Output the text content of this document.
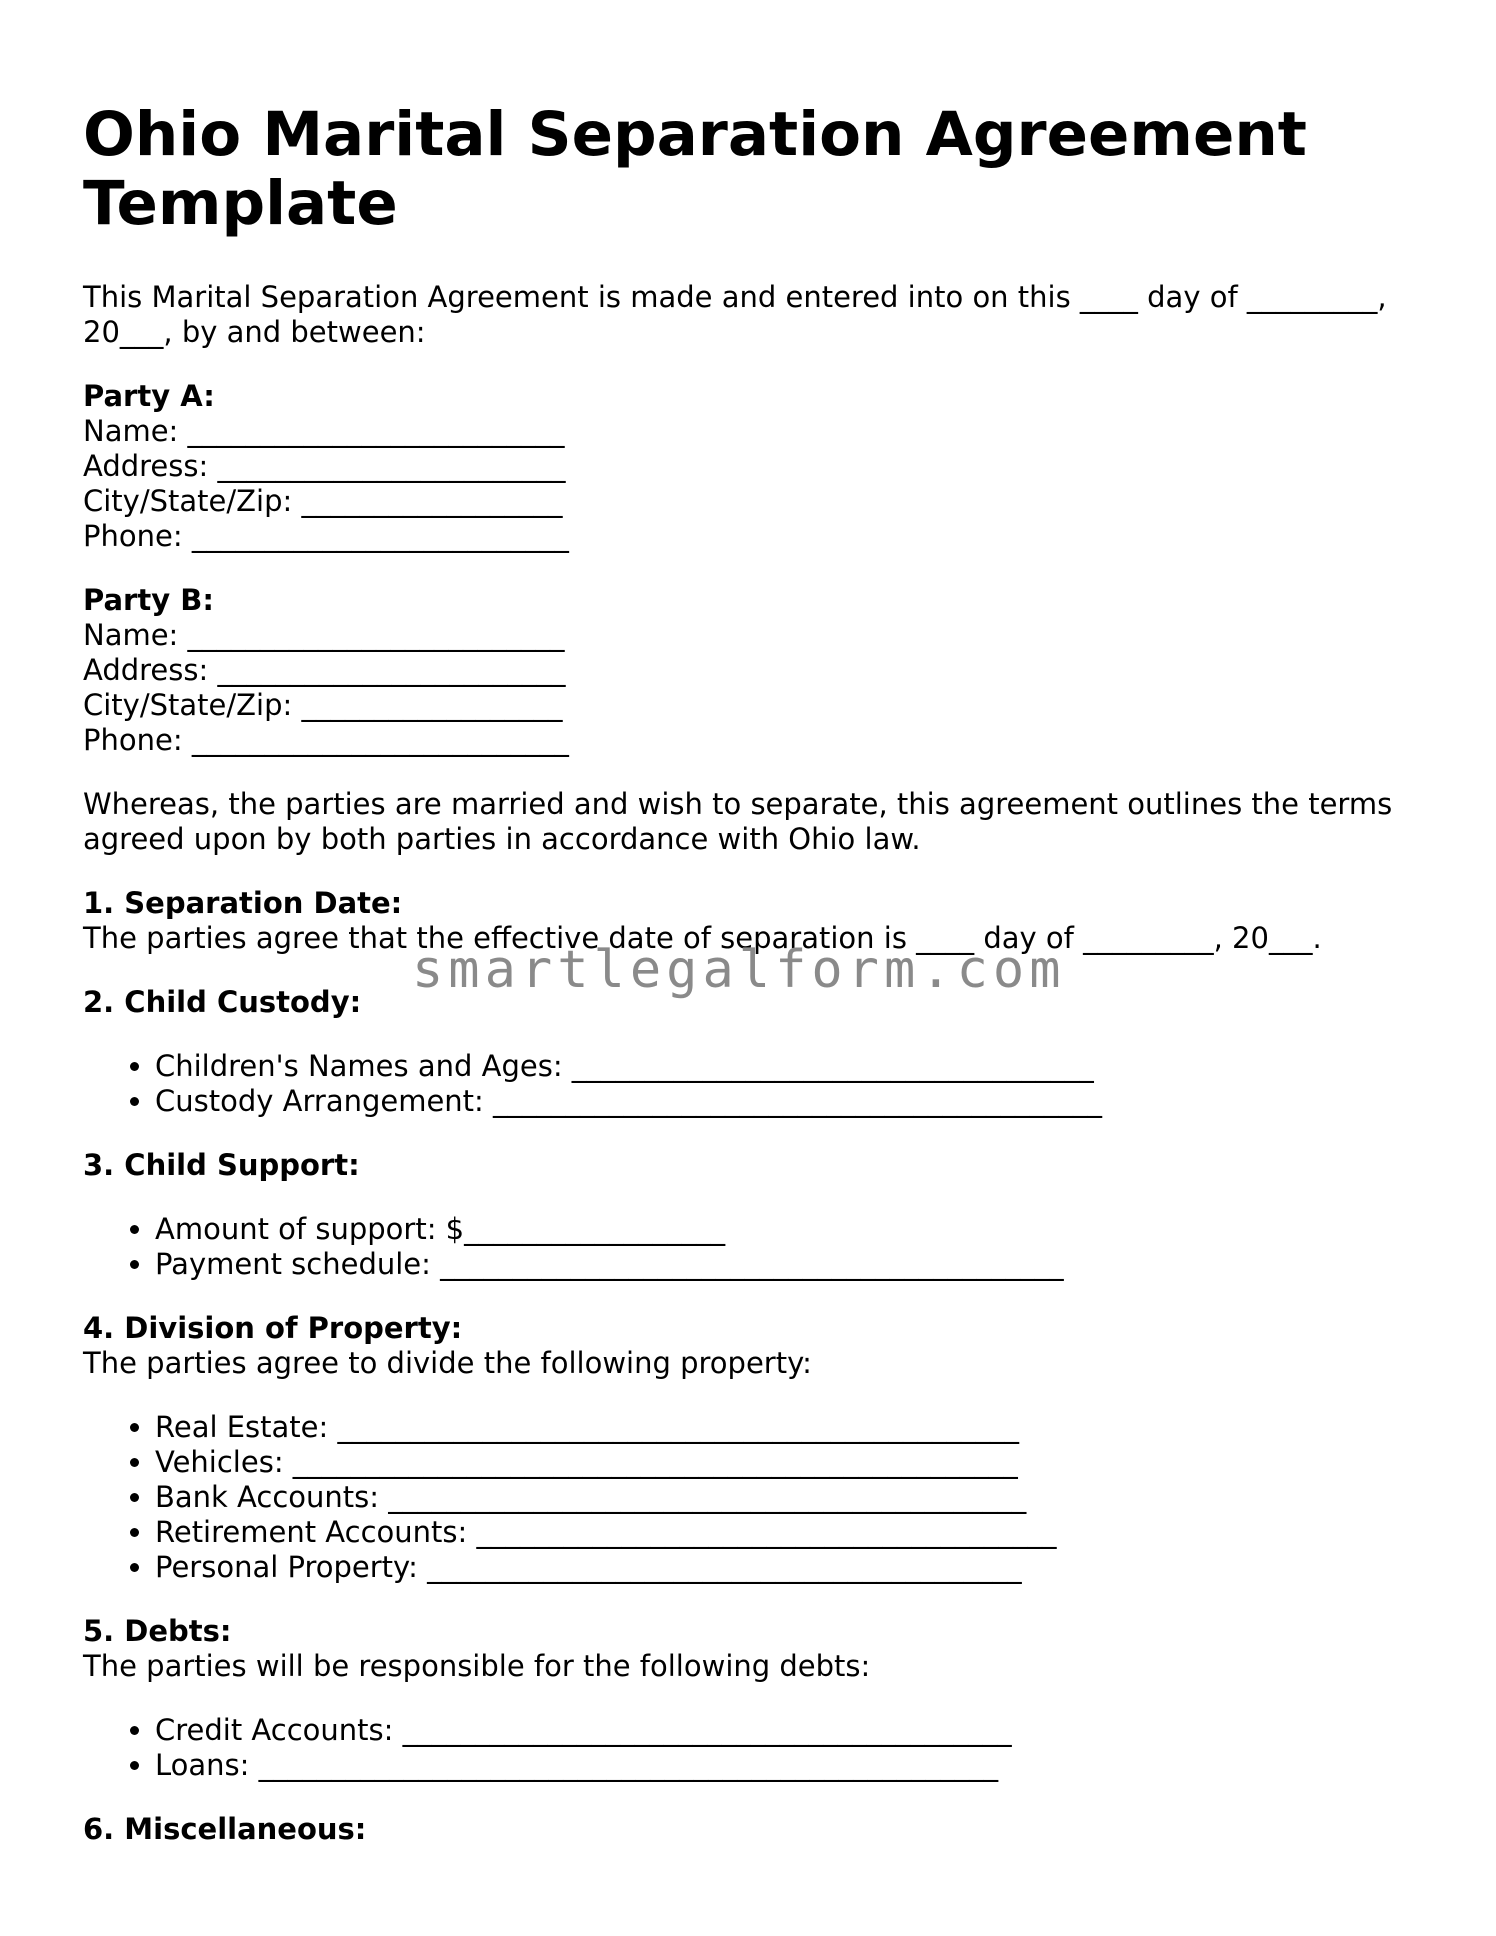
Ohio Marital Separation Agreement Template

This Marital Separation Agreement is made and entered into on this ____ day of _________,
20___, by and between:

Party A:
Name: __________________________
Address: ________________________
City/State/Zip: __________________
Phone: __________________________
Party B:
Name: __________________________
Address: ________________________
City/State/Zip: __________________
Phone: __________________________

Whereas, the parties are married and wish to separate, this agreement outlines the terms
agreed upon by both parties in accordance with Ohio law.

1. Separation Date:
The parties agree that the effective date of separation is ____ day of _________, 20___.
2. Child Custody:
• Children's Names and Ages: ____________________________________
• Custody Arrangement: __________________________________________
3. Child Support:
• Amount of support: $__________________
• Payment schedule: ___________________________________________
4. Division of Property:
The parties agree to divide the following property:
• Real Estate: _______________________________________________
• Vehicles: __________________________________________________
• Bank Accounts: ____________________________________________
• Retirement Accounts: ________________________________________
• Personal Property: _________________________________________
5. Debts:
The parties will be responsible for the following debts:
• Credit Accounts: __________________________________________
• Loans: ___________________________________________________
6. Miscellaneous:
smartlegalform.com
